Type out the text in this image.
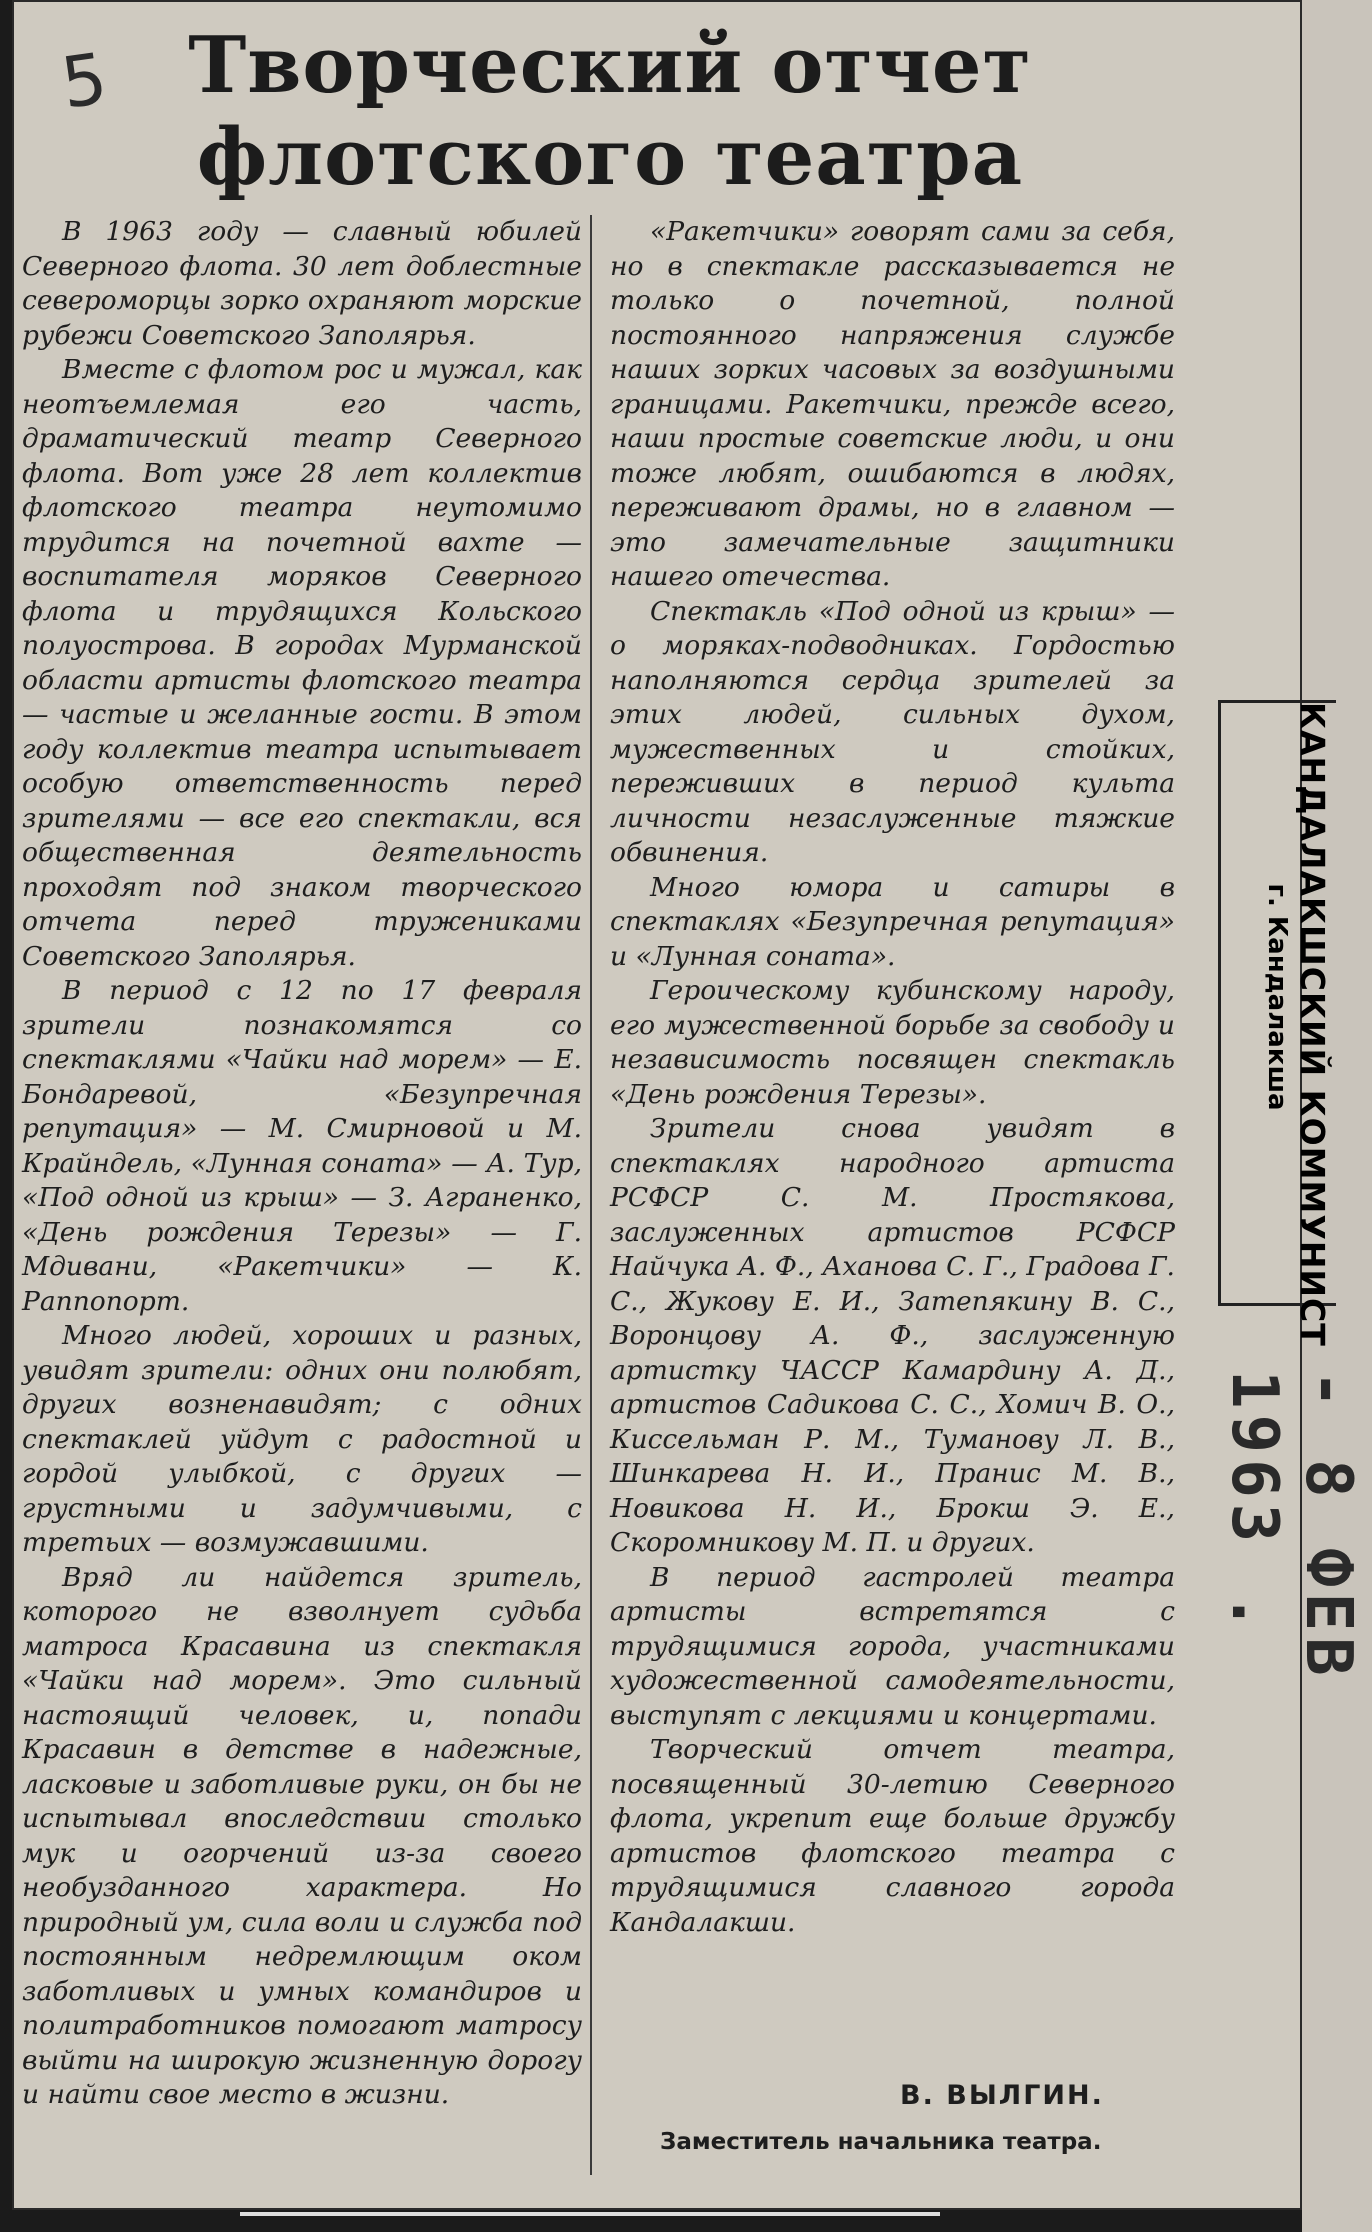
5 Творческий отчет флотского театра

В 1963 году — славный юбилей Северного флота. 30 лет доблестные североморцы зорко охраняют морские рубежи Советского Заполярья.

Вместе с флотом рос и мужал, как неотъемлемая его часть, драматический театр Северного флота. Вот уже 28 лет коллектив флотского театра неутомимо трудится на почетной вахте — воспитателя моряков Северного флота и трудящихся Кольского полуострова. В городах Мурманской области артисты флотского театра — частые и желанные гости. В этом году коллектив театра испытывает особую ответственность перед зрителями — все его спектакли, вся общественная деятельность проходят под знаком творческого отчета перед тружениками Советского Заполярья.

В период с 12 по 17 февраля зрители познакомятся со спектаклями «Чайки над морем» — Е. Бондаревой, «Безупречная репутация» — М. Смирновой и М. Крайндель, «Лунная соната» — А. Тур, «Под одной из крыш» — З. Аграненко, «День рождения Терезы» — Г. Мдивани, «Ракетчики» — К. Раппопорт.

Много людей, хороших и разных, увидят зрители: одних они полюбят, других возненавидят; с одних спектаклей уйдут с радостной и гордой улыбкой, с других — грустными и задумчивыми, с третьих — возмужавшими.

Вряд ли найдется зритель, которого не взволнует судьба матроса Красавина из спектакля «Чайки над морем». Это сильный настоящий человек, и, попади Красавин в детстве в надежные, ласковые и заботливые руки, он бы не испытывал впоследствии столько мук и огорчений из-за своего необузданного характера. Но природный ум, сила воли и служба под постоянным недремлющим оком заботливых и умных командиров и политработников помогают матросу выйти на широкую жизненную дорогу и найти свое место в жизни.

«Ракетчики» говорят сами за себя, но в спектакле рассказывается не только о почетной, полной постоянного напряжения службе наших зорких часовых за воздушными границами. Ракетчики, прежде всего, наши простые советские люди, и они тоже любят, ошибаются в людях, переживают драмы, но в главном — это замечательные защитники нашего отечества.

Спектакль «Под одной из крыш» — о моряках-подводниках. Гордостью наполняются сердца зрителей за этих людей, сильных духом, мужественных и стойких, переживших в период культа личности незаслуженные тяжкие обвинения.

Много юмора и сатиры в спектаклях «Безупречная репутация» и «Лунная соната».

Героическому кубинскому народу, его мужественной борьбе за свободу и независимость посвящен спектакль «День рождения Терезы».

Зрители снова увидят в спектаклях народного артиста РСФСР С. М. Простякова, заслуженных артистов РСФСР Найчука А. Ф., Аханова С. Г., Градова Г. С., Жукову Е. И., Затепякину В. С., Воронцову А. Ф., заслуженную артистку ЧАССР Камардину А. Д., артистов Садикова С. С., Хомич В. О., Киссельман Р. М., Туманову Л. В., Шинкарева Н. И., Пранис М. В., Новикова Н. И., Брокш Э. Е., Скоромникову М. П. и других.

В период гастролей театра артисты встретятся с трудящимися города, участниками художественной самодеятельности, выступят с лекциями и концертами.

Творческий отчет театра, посвященный 30-летию Северного флота, укрепит еще больше дружбу артистов флотского театра с трудящимися славного города Кандалакши.

В. ВЫЛГИН.
Заместитель начальника театра.
КАНДАЛАКШСКИЙ КОММУНИСТ
г. Кандалакша
- 8 ФЕВ 1963 .
